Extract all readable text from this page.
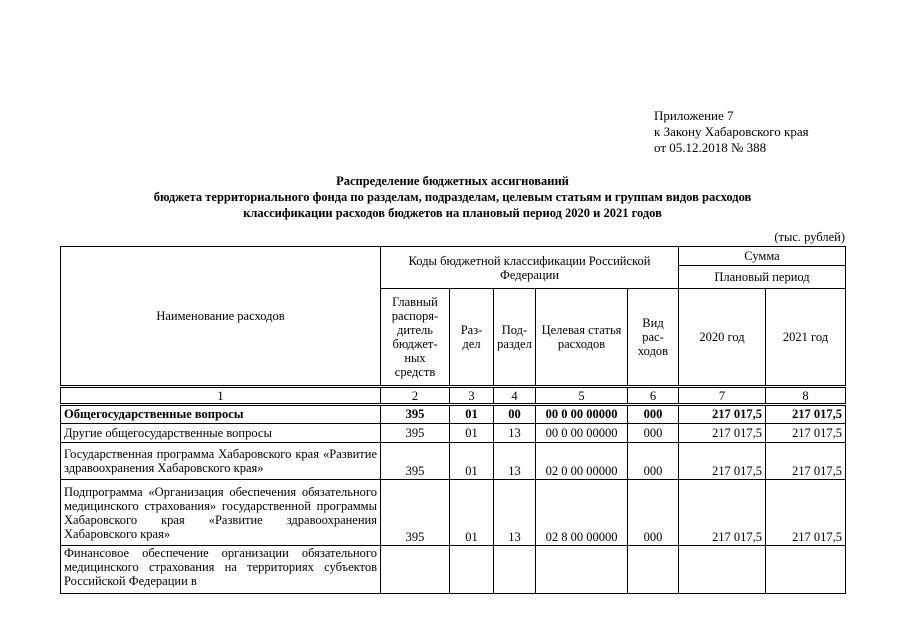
Приложение 7
к Закону Хабаровского края
от 05.12.2018 № 388
Распределение бюджетных ассигнований
бюджета территориального фонда по разделам, подразделам, целевым статьям и группам видов расходов
классификации расходов бюджетов на плановый период 2020 и 2021 годов
(тыс. рублей)
Наименование расходов	Коды бюджетной классификации Российской Федерации					Сумма	
						Плановый период	
	Главный распоря-дитель бюджет-ных средств	Раз-дел	Под-раздел	Целевая статья расходов	Вид рас-ходов	2020 год	2021 год
1	2	3	4	5	6	7	8
Общегосударственные вопросы	395	01	00	00 0 00 00000	000	217 017,5	217 017,5
Другие общегосударственные вопросы	395	01	13	00 0 00 00000	000	217 017,5	217 017,5
Государственная программа Хабаровского края «Развитие здравоохранения Хабаровского края»	395	01	13	02 0 00 00000	000	217 017,5	217 017,5
Подпрограмма «Организация обеспечения обязательного медицинского страхования» государственной программы Хабаровского края «Развитие здравоохранения Хабаровского края»	395	01	13	02 8 00 00000	000	217 017,5	217 017,5
Финансовое обеспечение организации обязательного медицинского страхования на территориях субъектов Российской Федерации в							
